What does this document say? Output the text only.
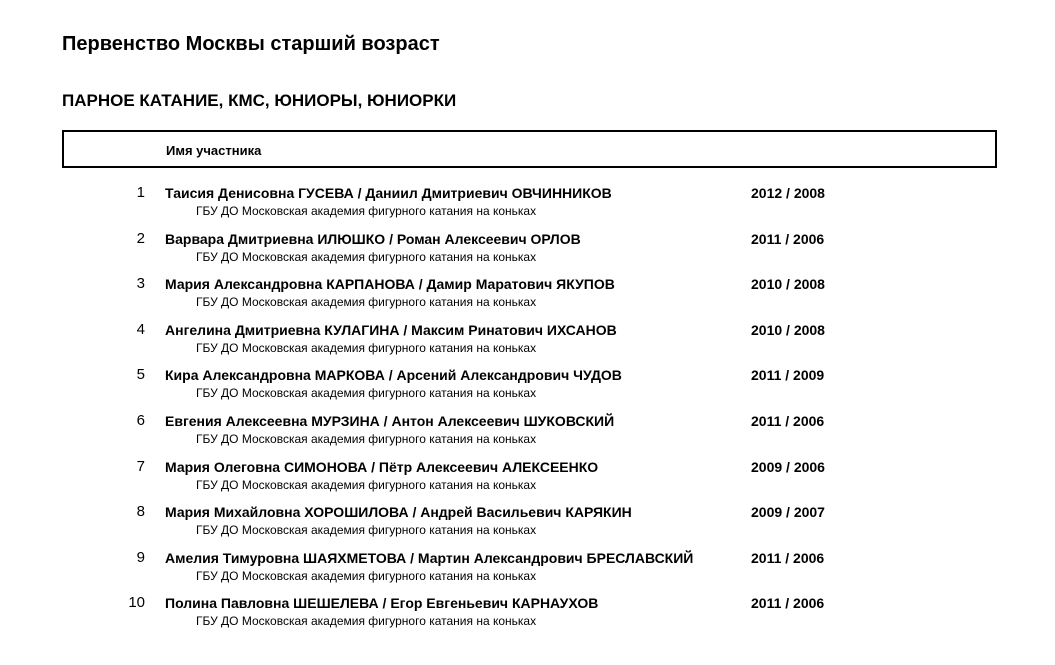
Первенство Москвы старший возраст
ПАРНОЕ КАТАНИЕ, КМС, ЮНИОРЫ, ЮНИОРКИ
Имя участника
1 Таисия Денисовна ГУСЕВА / Даниил Дмитриевич ОВЧИННИКОВ
ГБУ ДО Московская академия фигурного катания на коньках
2012 / 2008
2 Варвара Дмитриевна ИЛЮШКО / Роман Алексеевич ОРЛОВ
ГБУ ДО Московская академия фигурного катания на коньках
2011 / 2006
3 Мария Александровна КАРПАНОВА / Дамир Маратович ЯКУПОВ
ГБУ ДО Московская академия фигурного катания на коньках
2010 / 2008
4 Ангелина Дмитриевна КУЛАГИНА / Максим Ринатович ИХСАНОВ
ГБУ ДО Московская академия фигурного катания на коньках
2010 / 2008
5 Кира Александровна МАРКОВА / Арсений Александрович ЧУДОВ
ГБУ ДО Московская академия фигурного катания на коньках
2011 / 2009
6 Евгения Алексеевна МУРЗИНА / Антон Алексеевич ШУКОВСКИЙ
ГБУ ДО Московская академия фигурного катания на коньках
2011 / 2006
7 Мария Олеговна СИМОНОВА / Пётр Алексеевич АЛЕКСЕЕНКО
ГБУ ДО Московская академия фигурного катания на коньках
2009 / 2006
8 Мария Михайловна ХОРОШИЛОВА / Андрей Васильевич КАРЯКИН
ГБУ ДО Московская академия фигурного катания на коньках
2009 / 2007
9 Амелия Тимуровна ШАЯХМЕТОВА / Мартин Александрович БРЕСЛАВСКИЙ
ГБУ ДО Московская академия фигурного катания на коньках
2011 / 2006
10 Полина Павловна ШЕШЕЛЕВА / Егор Евгеньевич КАРНАУХОВ
ГБУ ДО Московская академия фигурного катания на коньках
2011 / 2006
